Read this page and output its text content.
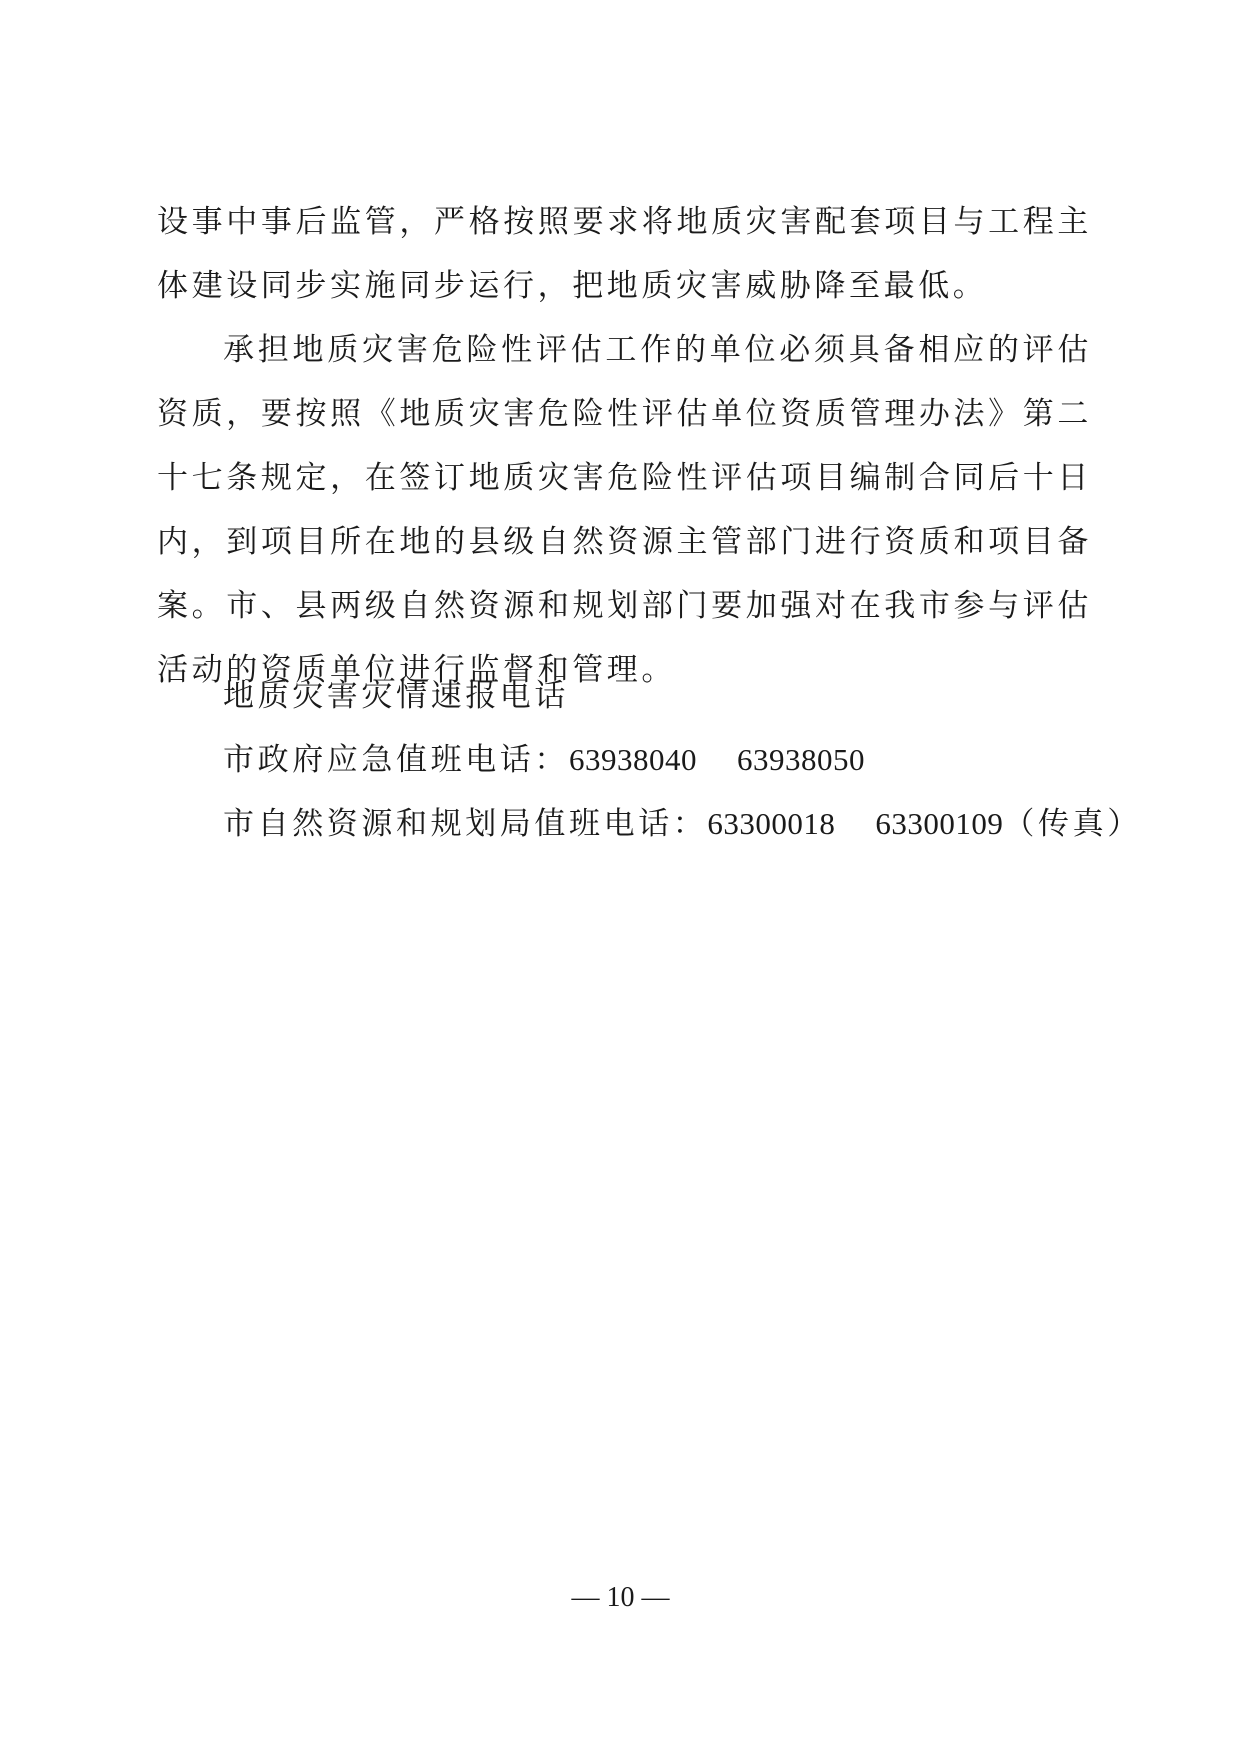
设事中事后监管，严格按照要求将地质灾害配套项目与工程主体建设同步实施同步运行，把地质灾害威胁降至最低。

承担地质灾害危险性评估工作的单位必须具备相应的评估资质，要按照《地质灾害危险性评估单位资质管理办法》第二十七条规定，在签订地质灾害危险性评估项目编制合同后十日内，到项目所在地的县级自然资源主管部门进行资质和项目备案。市、县两级自然资源和规划部门要加强对在我市参与评估活动的资质单位进行监督和管理。

地质灾害灾情速报电话

市政府应急值班电话：63938040 63938050

市自然资源和规划局值班电话：63300018 63300109（传真）

— 10 —
